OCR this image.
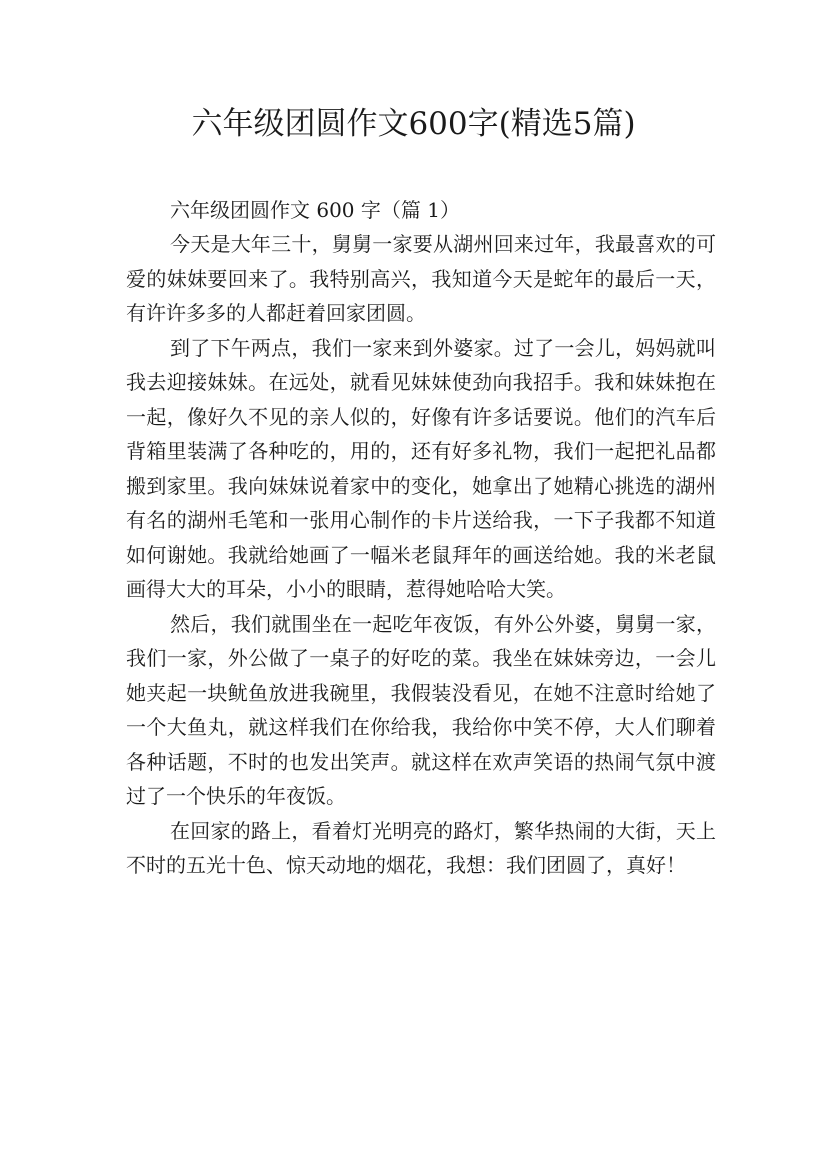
六年级团圆作文600字(精选5篇)

六年级团圆作文 600 字（篇 1）

今天是大年三十，舅舅一家要从湖州回来过年，我最喜欢的可爱的妹妹要回来了。我特别高兴，我知道今天是蛇年的最后一天，有许许多多的人都赶着回家团圆。

到了下午两点，我们一家来到外婆家。过了一会儿，妈妈就叫我去迎接妹妹。在远处，就看见妹妹使劲向我招手。我和妹妹抱在一起，像好久不见的亲人似的，好像有许多话要说。他们的汽车后背箱里装满了各种吃的，用的，还有好多礼物，我们一起把礼品都搬到家里。我向妹妹说着家中的变化，她拿出了她精心挑选的湖州有名的湖州毛笔和一张用心制作的卡片送给我，一下子我都不知道如何谢她。我就给她画了一幅米老鼠拜年的画送给她。我的米老鼠画得大大的耳朵，小小的眼睛，惹得她哈哈大笑。

然后，我们就围坐在一起吃年夜饭，有外公外婆，舅舅一家，我们一家，外公做了一桌子的好吃的菜。我坐在妹妹旁边，一会儿她夹起一块鱿鱼放进我碗里，我假装没看见，在她不注意时给她了一个大鱼丸，就这样我们在你给我，我给你中笑不停，大人们聊着各种话题，不时的也发出笑声。就这样在欢声笑语的热闹气氛中渡过了一个快乐的年夜饭。

在回家的路上，看着灯光明亮的路灯，繁华热闹的大街，天上不时的五光十色、惊天动地的烟花，我想：我们团圆了，真好！
